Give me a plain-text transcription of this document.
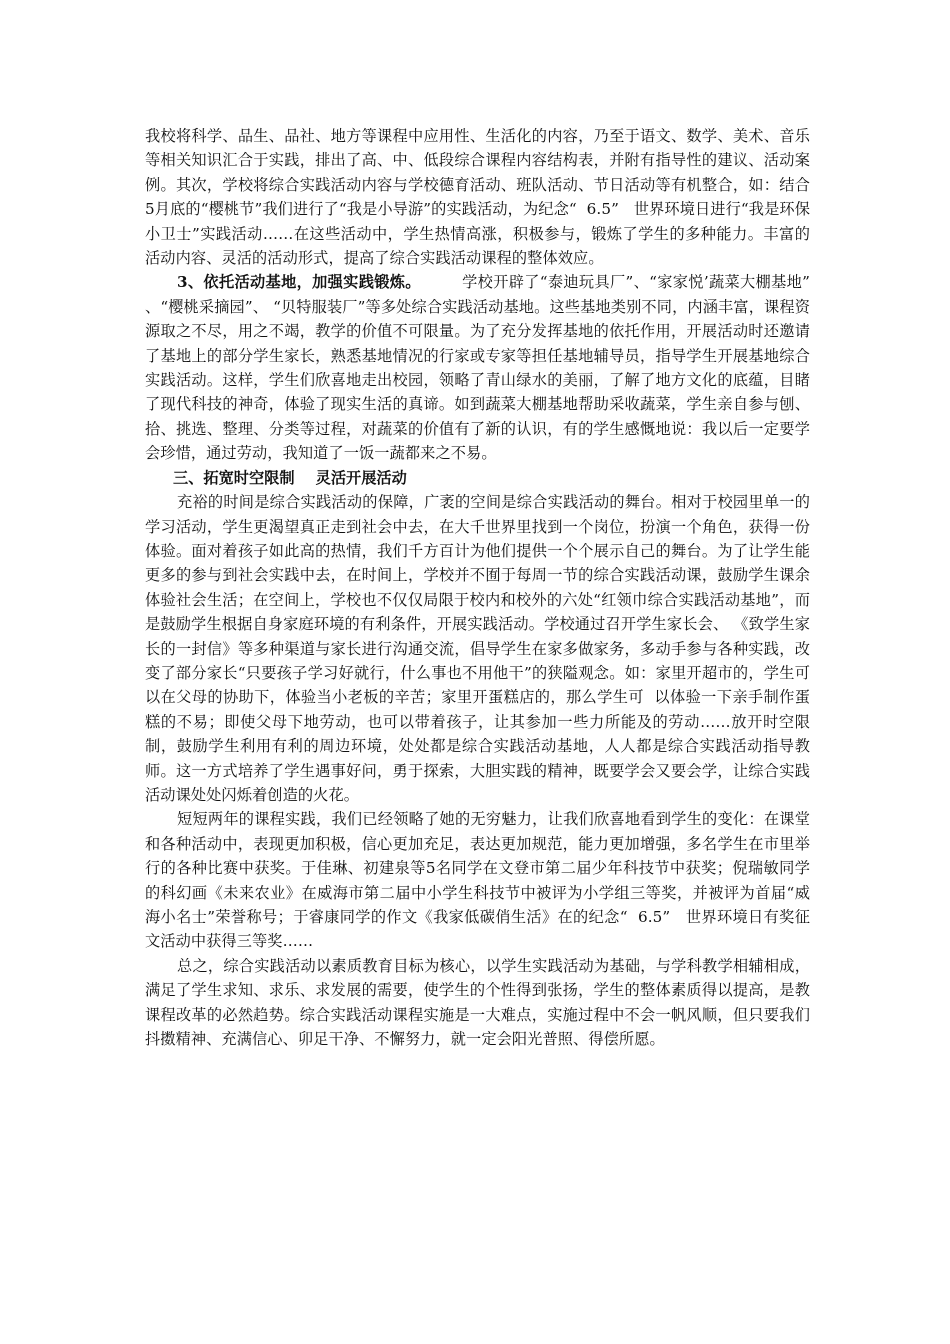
我校将科学、品生、品社、地方等课程中应用性、生活化的内容，乃至于语文、数学、美术、音乐等相关知识汇合于实践，排出了高、中、低段综合课程内容结构表，并附有指导性的建议、活动案例。其次，学校将综合实践活动内容与学校德育活动、班队活动、节日活动等有机整合，如：结合5月底的“樱桃节”我们进行了“我是小导游”的实践活动，为纪念“  6.5”   世界环境日进行“我是环保小卫士”实践活动……在这些活动中，学生热情高涨，积极参与，锻炼了学生的多种能力。丰富的活动内容、灵活的活动形式，提高了综合实践活动课程的整体效应。

3、依托活动基地，加强实践锻炼。        学校开辟了“泰迪玩具厂”、“家家悦’蔬菜大棚基地” 、“樱桃采摘园”、 “贝特服装厂”等多处综合实践活动基地。这些基地类别不同，内涵丰富，课程资源取之不尽，用之不竭，教学的价值不可限量。为了充分发挥基地的依托作用，开展活动时还邀请了基地上的部分学生家长，熟悉基地情况的行家或专家等担任基地辅导员，指导学生开展基地综合实践活动。这样，学生们欣喜地走出校园，领略了青山绿水的美丽，了解了地方文化的底蕴，目睹了现代科技的神奇，体验了现实生活的真谛。如到蔬菜大棚基地帮助采收蔬菜，学生亲自参与刨、拾、挑选、整理、分类等过程，对蔬菜的价值有了新的认识，有的学生感慨地说：我以后一定要学会珍惜，通过劳动，我知道了一饭一蔬都来之不易。

三、拓宽时空限制    灵活开展活动

充裕的时间是综合实践活动的保障，广袤的空间是综合实践活动的舞台。相对于校园里单一的学习活动，学生更渴望真正走到社会中去，在大千世界里找到一个岗位，扮演一个角色，获得一份体验。面对着孩子如此高的热情，我们千方百计为他们提供一个个展示自己的舞台。为了让学生能更多的参与到社会实践中去，在时间上，学校并不囿于每周一节的综合实践活动课，鼓励学生课余体验社会生活；在空间上，学校也不仅仅局限于校内和校外的六处“红领巾综合实践活动基地”，而是鼓励学生根据自身家庭环境的有利条件，开展实践活动。学校通过召开学生家长会、 《致学生家长的一封信》等多种渠道与家长进行沟通交流，倡导学生在家多做家务，多动手参与各种实践，改变了部分家长“只要孩子学习好就行，什么事也不用他干”的狭隘观念。如：家里开超市的，学生可以在父母的协助下，体验当小老板的辛苦；家里开蛋糕店的，那么学生可  以体验一下亲手制作蛋糕的不易；即使父母下地劳动，也可以带着孩子，让其参加一些力所能及的劳动……放开时空限制，鼓励学生利用有利的周边环境，处处都是综合实践活动基地，人人都是综合实践活动指导教师。这一方式培养了学生遇事好问，勇于探索，大胆实践的精神，既要学会又要会学，让综合实践活动课处处闪烁着创造的火花。

短短两年的课程实践，我们已经领略了她的无穷魅力，让我们欣喜地看到学生的变化：在课堂和各种活动中，表现更加积极，信心更加充足，表达更加规范，能力更加增强，多名学生在市里举行的各种比赛中获奖。于佳琳、初建泉等5名同学在文登市第二届少年科技节中获奖；倪瑞敏同学的科幻画《未来农业》在威海市第二届中小学生科技节中被评为小学组三等奖，并被评为首届“威海小名士”荣誉称号；于睿康同学的作文《我家低碳俏生活》在的纪念“  6.5”   世界环境日有奖征文活动中获得三等奖……

总之，综合实践活动以素质教育目标为核心，以学生实践活动为基础，与学科教学相辅相成，满足了学生求知、求乐、求发展的需要，使学生的个性得到张扬，学生的整体素质得以提高，是教课程改革的必然趋势。综合实践活动课程实施是一大难点，实施过程中不会一帆风顺，但只要我们抖擞精神、充满信心、卯足干净、不懈努力，就一定会阳光普照、得偿所愿。
